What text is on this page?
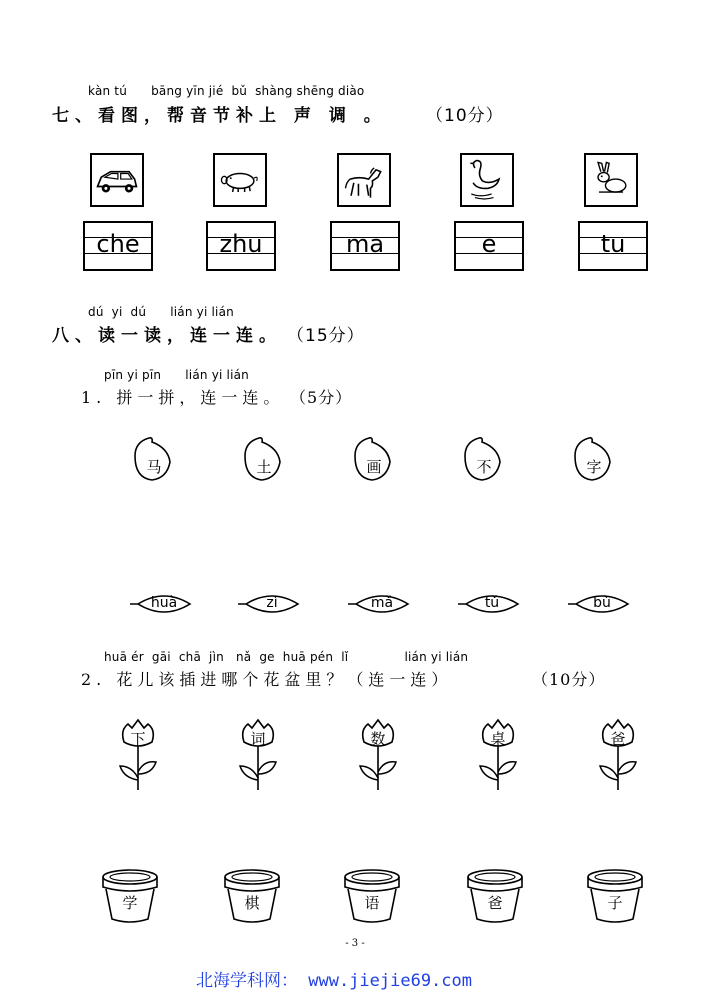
kàn tú      bāng yīn jié  bǔ  shàng shēng diào
七、看图，帮音节补上 声 调 。 （10分）
che	zhu	ma	e	tu
dú  yi  dú      lián yi lián
八、读一读，连一连。 （15分）
pīn yi pīn      lián yi lián
1. 拼一拼，连一连。 （5分）
马	土	画	不	字
huà	zì	mǎ	tǔ	bù
huā ér  gāi  chā  jìn   nǎ  ge  huā pén  lǐ              lián yi lián
2. 花儿该插进哪个花盆里？（连一连）	（10分）
下	词	数	桌	爸
学	棋	语	爸	子
- 3 -
北海学科网： www.jiejie69.com
